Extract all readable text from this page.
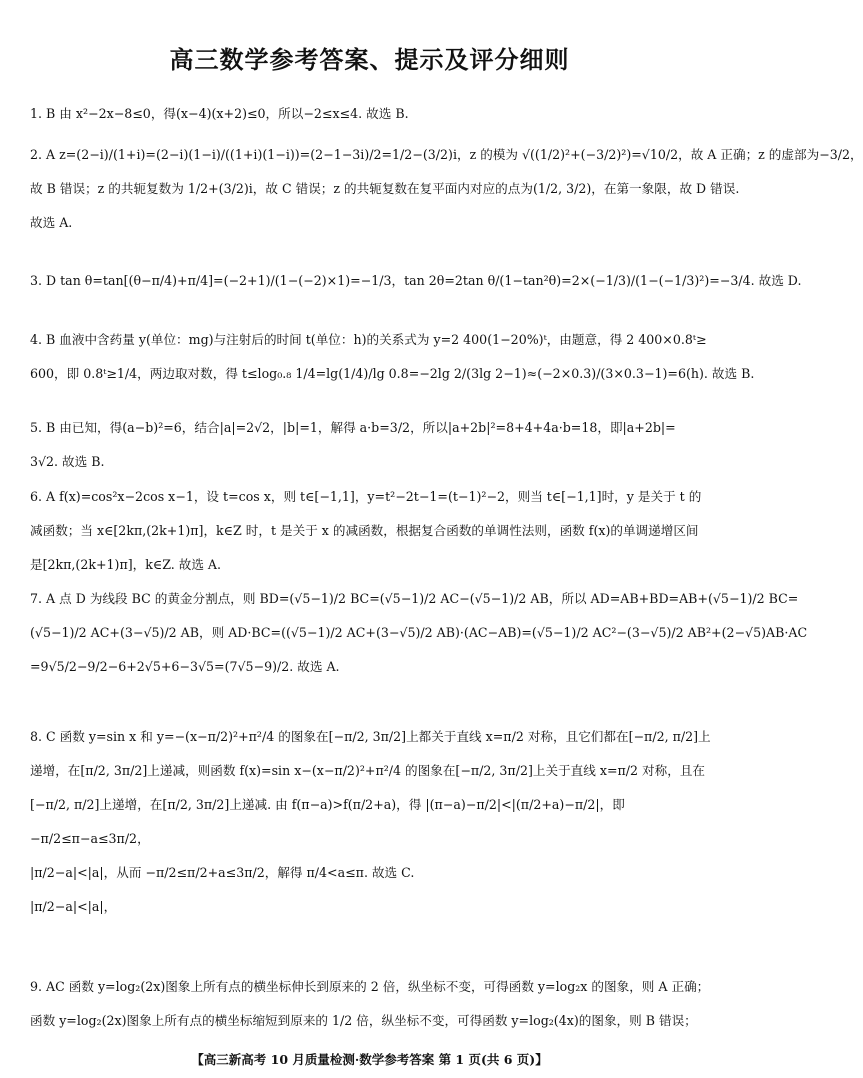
高三数学参考答案、提示及评分细则
1. B 由 x²−2x−8≤0，得(x−4)(x+2)≤0，所以−2≤x≤4. 故选 B.
2. A z=(2−i)/(1+i)=(2−i)(1−i)/((1+i)(1−i))=(2−1−3i)/2=1/2−(3/2)i，z 的模为 √((1/2)²+(−3/2)²)=√10/2，故 A 正确；z 的虚部为−3/2，
故 B 错误；z 的共轭复数为 1/2+(3/2)i，故 C 错误；z 的共轭复数在复平面内对应的点为(1/2, 3/2)，在第一象限，故 D 错误.
故选 A.
3. D tan θ=tan[(θ−π/4)+π/4]=(−2+1)/(1−(−2)×1)=−1/3，tan 2θ=2tan θ/(1−tan²θ)=2×(−1/3)/(1−(−1/3)²)=−3/4. 故选 D.
4. B 血液中含药量 y(单位：mg)与注射后的时间 t(单位：h)的关系式为 y=2 400(1−20%)ᵗ，由题意，得 2 400×0.8ᵗ≥
600，即 0.8ᵗ≥1/4，两边取对数，得 t≤log₀.₈ 1/4=lg(1/4)/lg 0.8=−2lg 2/(3lg 2−1)≈(−2×0.3)/(3×0.3−1)=6(h). 故选 B.
5. B 由已知，得(a−b)²=6，结合|a|=2√2，|b|=1，解得 a·b=3/2，所以|a+2b|²=8+4+4a·b=18，即|a+2b|=
3√2. 故选 B.
6. A f(x)=cos²x−2cos x−1，设 t=cos x，则 t∈[−1,1]，y=t²−2t−1=(t−1)²−2，则当 t∈[−1,1]时，y 是关于 t 的
减函数；当 x∈[2kπ,(2k+1)π]，k∈Z 时，t 是关于 x 的减函数，根据复合函数的单调性法则，函数 f(x)的单调递增区间
是[2kπ,(2k+1)π]，k∈Z. 故选 A.
7. A 点 D 为线段 BC 的黄金分割点，则 BD=(√5−1)/2 BC=(√5−1)/2 AC−(√5−1)/2 AB，所以 AD=AB+BD=AB+(√5−1)/2 BC=
(√5−1)/2 AC+(3−√5)/2 AB，则 AD·BC=((√5−1)/2 AC+(3−√5)/2 AB)·(AC−AB)=(√5−1)/2 AC²−(3−√5)/2 AB²+(2−√5)AB·AC
=9√5/2−9/2−6+2√5+6−3√5=(7√5−9)/2. 故选 A.
8. C 函数 y=sin x 和 y=−(x−π/2)²+π²/4 的图象在[−π/2, 3π/2]上都关于直线 x=π/2 对称，且它们都在[−π/2, π/2]上
递增，在[π/2, 3π/2]上递减，则函数 f(x)=sin x−(x−π/2)²+π²/4 的图象在[−π/2, 3π/2]上关于直线 x=π/2 对称，且在
[−π/2, π/2]上递增，在[π/2, 3π/2]上递减. 由 f(π−a)>f(π/2+a)，得 |(π−a)−π/2|<|(π/2+a)−π/2|，即
−π/2≤π−a≤3π/2，
|π/2−a|<|a|，从而 −π/2≤π/2+a≤3π/2，解得 π/4<a≤π. 故选 C.
|π/2−a|<|a|，
9. AC 函数 y=log₂(2x)图象上所有点的横坐标伸长到原来的 2 倍，纵坐标不变，可得函数 y=log₂x 的图象，则 A 正确；
函数 y=log₂(2x)图象上所有点的横坐标缩短到原来的 1/2 倍，纵坐标不变，可得函数 y=log₂(4x)的图象，则 B 错误；
【高三新高考 10 月质量检测·数学参考答案 第 1 页(共 6 页)】
